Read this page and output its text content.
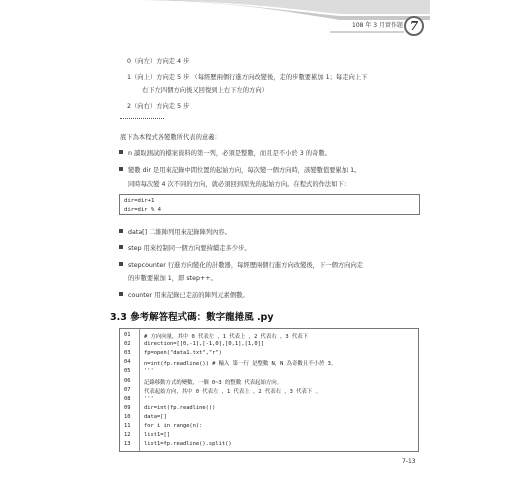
108 年 3 月實作題 7
0（向左）方向走 4 步
1（向上）方向走 5 步 （每經歷兩個行進方向改變後，走的步數要累加 1；每走向上下
右下左四個方向後又回復到上右下左的方向）
2（向右）方向走 5 步
底下為本程式各變數所代表的意義：
n 讀取測試的檔案資料的第一列，必須是整數，而且是不小於 3 的奇數。
變數 dir 是用來記錄中間位置的起始方向，每次變一個方向時，該變數值要累加 1。
同時每次變 4 次不同的方向，就必須回到原先的起始方向。在程式的作法如下：
dir=dir+1
dir=dir % 4
data[] 二維陣列用來記錄陣列內容。
step 用來控制同一個方向要持續走多少步。
stepcounter 行進方向變化的計數器，每經歷兩個行進方向改變後，下一個方向向走
的步數要累加 1，即 step++。
counter 用來記錄已走訪的陣列元素個數。
3.3 參考解答程式碼：數字龍捲風 .py
01	# 方向向量，其中 0 代表左 ，1 代表上 ，2 代表右 ，3 代表下
02	direction=[[0,-1],[-1,0],[0,1],[1,0]]
03	fp=open("data1.txt","r")
04	n=int(fp.readline()) # 輸入 第一行 是整數 N，N 為奇數且不小於 3。
05	'''
06	記錄移動方式的變數，一個 0~3 的整數 代表起始方向。
07	代表起始方向，其中 0 代表左 ，1 代表上 ，2 代表右 ，3 代表下 。
08	'''
09	dir=int(fp.readline())
10	data=[]
11	for i in range(n):
12	list1=[]
13	list1=fp.readline().split()
7-13
